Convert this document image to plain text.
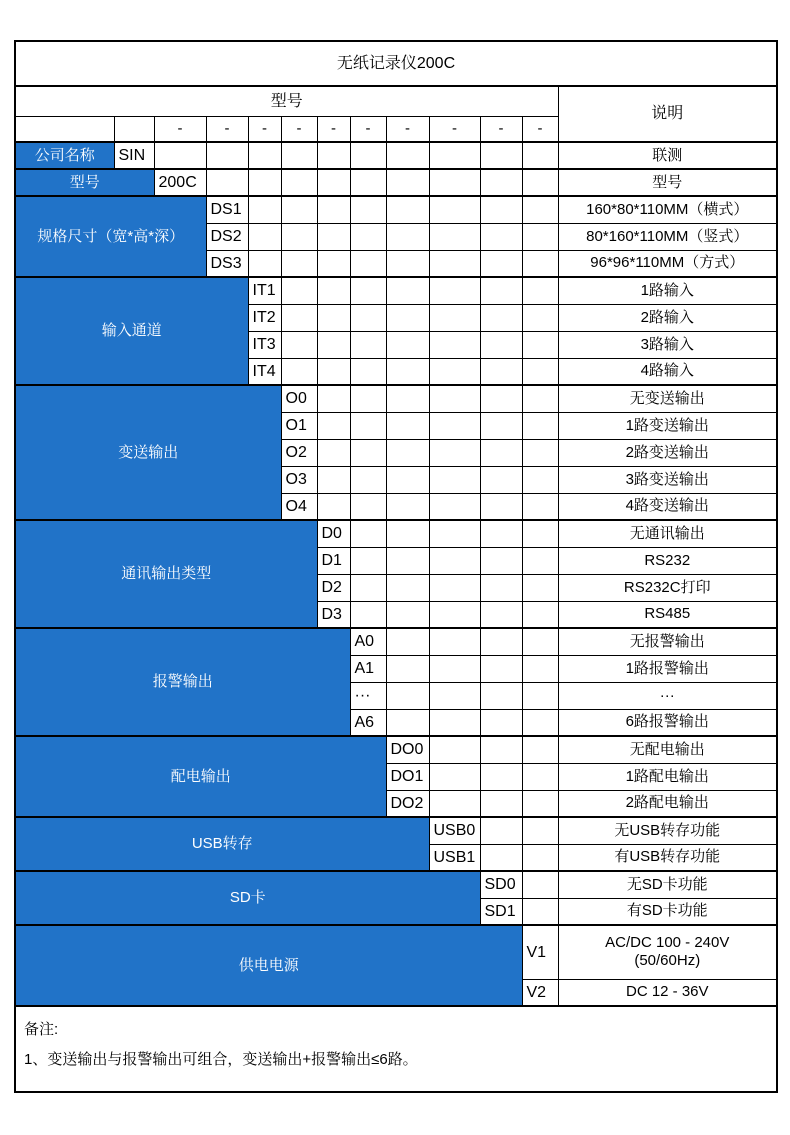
无纸记录仪200C												
型号												说明
		-	-	-	-	-	-	-	-	-	-	
公司名称	SIN											联测
型号		200C										型号
规格尺寸（宽*高*深）			DS1									160*80*110MM（横式）
			DS2									80*160*110MM（竖式）
			DS3									96*96*110MM（方式）
输入通道				IT1								1路输入
				IT2								2路输入
				IT3								3路输入
				IT4								4路输入
变送输出					O0							无变送输出
					O1							1路变送输出
					O2							2路变送输出
					O3							3路变送输出
					O4							4路变送输出
通讯输出类型						D0						无通讯输出
						D1						RS232
						D2						RS232C打印
						D3						RS485
报警输出							A0					无报警输出
							A1					1路报警输出
							···					···
							A6					6路报警输出
配电输出								DO0				无配电输出
								DO1				1路配电输出
								DO2				2路配电输出
USB转存									USB0			无USB转存功能
									USB1			有USB转存功能
SD卡										SD0		无SD卡功能
										SD1		有SD卡功能
供电电源											V1	AC/DC 100 - 240V
(50/60Hz)

											V2	DC 12 - 36V

备注:
1、变送输出与报警输出可组合，变送输出+报警输出≤6路。												
